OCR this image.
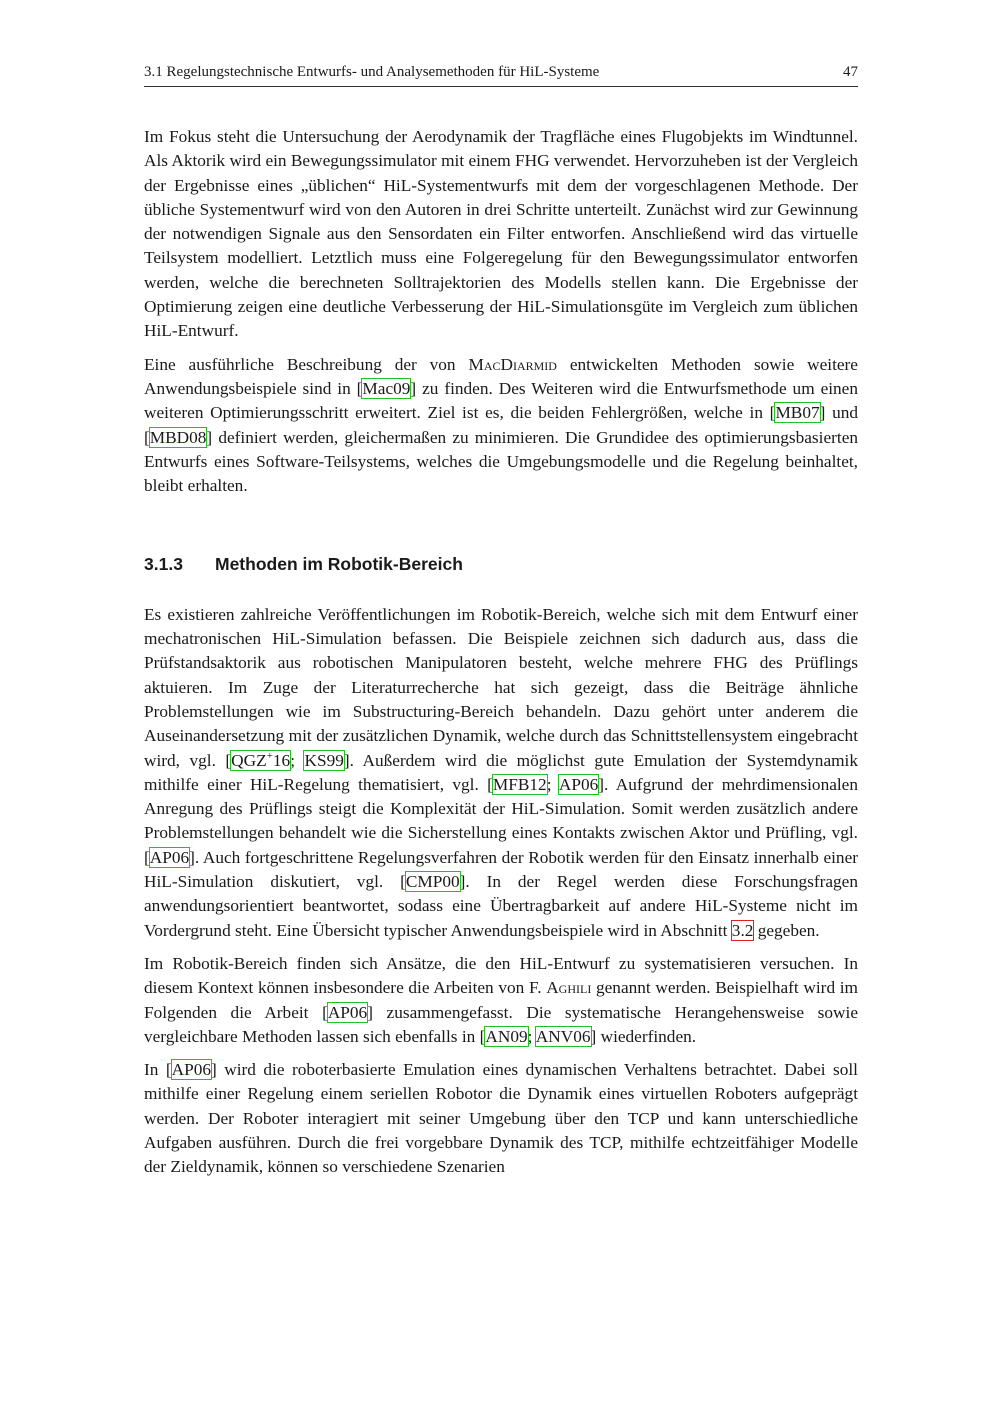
3.1 Regelungstechnische Entwurfs- und Analysemethoden für HiL-Systeme	47

Im Fokus steht die Untersuchung der Aerodynamik der Tragfläche eines Flugobjekts im Windtunnel. Als Aktorik wird ein Bewegungssimulator mit einem FHG verwendet. Hervorzuheben ist der Vergleich der Ergebnisse eines „üblichen“ HiL-Systementwurfs mit dem der vorgeschlagenen Methode. Der übliche Systementwurf wird von den Autoren in drei Schritte unterteilt. Zunächst wird zur Gewinnung der notwendigen Signale aus den Sensordaten ein Filter entworfen. Anschließend wird das virtuelle Teilsystem modelliert. Letztlich muss eine Folgeregelung für den Bewegungssimulator entworfen werden, welche die berechneten Solltrajektorien des Modells stellen kann. Die Ergebnisse der Optimierung zeigen eine deutliche Verbesserung der HiL-Simulationsgüte im Vergleich zum üblichen HiL-Entwurf.

Eine ausführliche Beschreibung der von MacDiarmid entwickelten Methoden sowie weitere Anwendungsbeispiele sind in [Mac09] zu finden. Des Weiteren wird die Entwurfsmethode um einen weiteren Optimierungsschritt erweitert. Ziel ist es, die beiden Fehlergrößen, welche in [MB07] und [MBD08] definiert werden, gleichermaßen zu minimieren. Die Grundidee des optimierungsbasierten Entwurfs eines Software-Teilsystems, welches die Umgebungsmodelle und die Regelung beinhaltet, bleibt erhalten.

3.1.3	Methoden im Robotik-Bereich

Es existieren zahlreiche Veröffentlichungen im Robotik-Bereich, welche sich mit dem Entwurf einer mechatronischen HiL-Simulation befassen. Die Beispiele zeichnen sich dadurch aus, dass die Prüfstandsaktorik aus robotischen Manipulatoren besteht, welche mehrere FHG des Prüflings aktuieren. Im Zuge der Literaturrecherche hat sich gezeigt, dass die Beiträge ähnliche Problemstellungen wie im Substructuring-Bereich behandeln. Dazu gehört unter anderem die Auseinandersetzung mit der zusätzlichen Dynamik, welche durch das Schnittstellensystem eingebracht wird, vgl. [QGZ+16; KS99]. Außerdem wird die möglichst gute Emulation der Systemdynamik mithilfe einer HiL-Regelung thematisiert, vgl. [MFB12; AP06]. Aufgrund der mehrdimensionalen Anregung des Prüflings steigt die Komplexität der HiL-Simulation. Somit werden zusätzlich andere Problemstellungen behandelt wie die Sicherstellung eines Kontakts zwischen Aktor und Prüfling, vgl. [AP06]. Auch fortgeschrittene Regelungsverfahren der Robotik werden für den Einsatz innerhalb einer HiL-Simulation diskutiert, vgl. [CMP00]. In der Regel werden diese Forschungsfragen anwendungsorientiert beantwortet, sodass eine Übertragbarkeit auf andere HiL-Systeme nicht im Vordergrund steht. Eine Übersicht typischer Anwendungsbeispiele wird in Abschnitt 3.2 gegeben.

Im Robotik-Bereich finden sich Ansätze, die den HiL-Entwurf zu systematisieren versuchen. In diesem Kontext können insbesondere die Arbeiten von F. Aghili genannt werden. Beispielhaft wird im Folgenden die Arbeit [AP06] zusammengefasst. Die systematische Herangehensweise sowie vergleichbare Methoden lassen sich ebenfalls in [AN09; ANV06] wiederfinden.

In [AP06] wird die roboterbasierte Emulation eines dynamischen Verhaltens betrachtet. Dabei soll mithilfe einer Regelung einem seriellen Robotor die Dynamik eines virtuellen Roboters aufgeprägt werden. Der Roboter interagiert mit seiner Umgebung über den TCP und kann unterschiedliche Aufgaben ausführen. Durch die frei vorgebbare Dynamik des TCP, mithilfe echtzeitfähiger Modelle der Zieldynamik, können so verschiedene Szenarien
